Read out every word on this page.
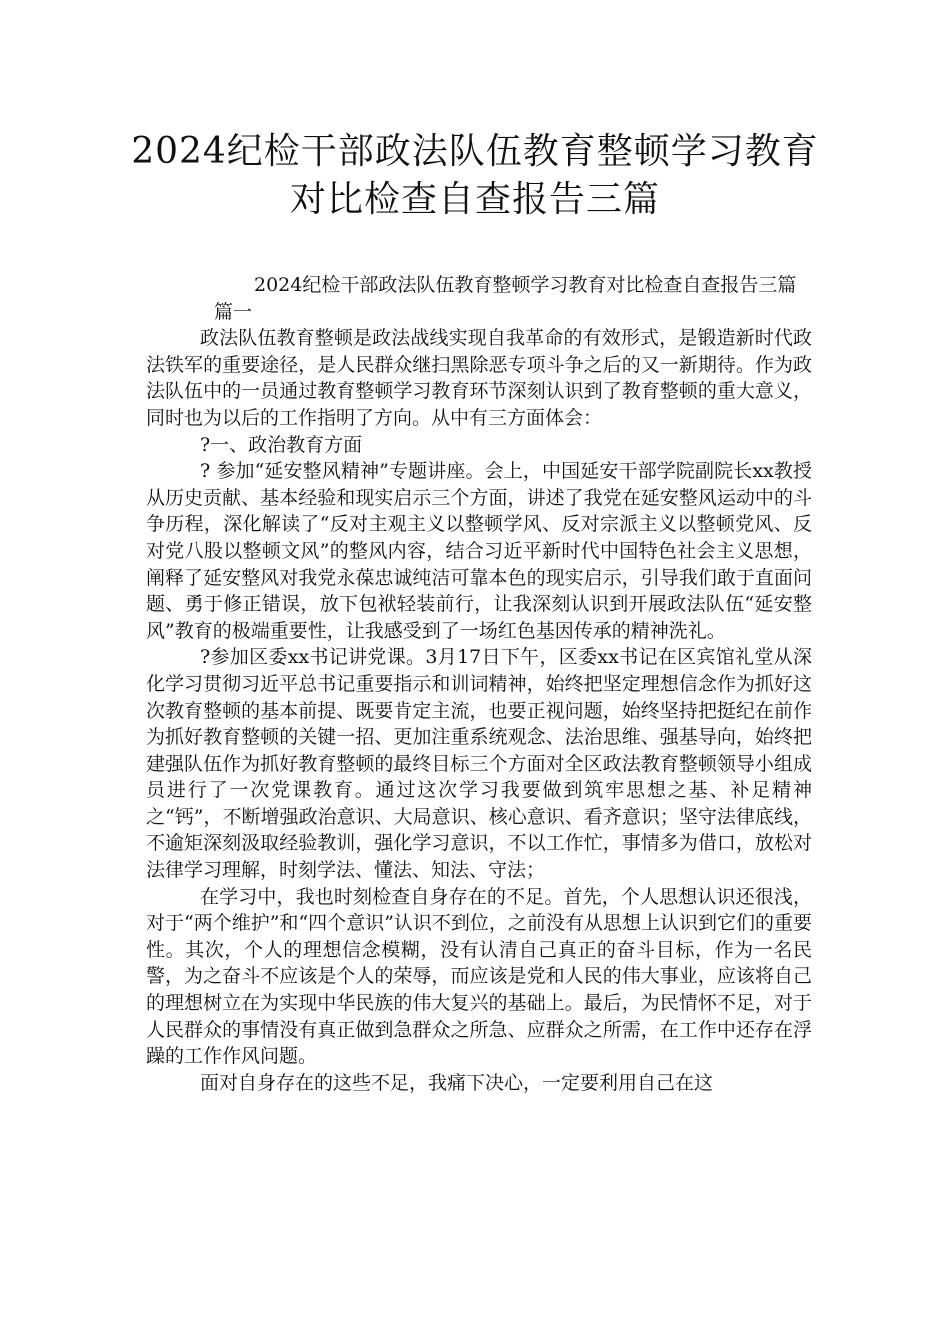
2024纪检干部政法队伍教育整顿学习教育
对比检查自查报告三篇

2024纪检干部政法队伍教育整顿学习教育对比检查自查报告三篇

篇一

政法队伍教育整顿是政法战线实现自我革命的有效形式，是锻造新时代政法铁军的重要途径，是人民群众继扫黑除恶专项斗争之后的又一新期待。作为政法队伍中的一员通过教育整顿学习教育环节深刻认识到了教育整顿的重大意义，同时也为以后的工作指明了方向。从中有三方面体会：

?一、政治教育方面

? 参加“延安整风精神”专题讲座。会上，中国延安干部学院副院长xx教授从历史贡献、基本经验和现实启示三个方面，讲述了我党在延安整风运动中的斗争历程，深化解读了“反对主观主义以整顿学风、反对宗派主义以整顿党风、反对党八股以整顿文风”的整风内容，结合习近平新时代中国特色社会主义思想，阐释了延安整风对我党永葆忠诚纯洁可靠本色的现实启示，引导我们敢于直面问题、勇于修正错误，放下包袱轻装前行，让我深刻认识到开展政法队伍“延安整风”教育的极端重要性，让我感受到了一场红色基因传承的精神洗礼。

?参加区委xx书记讲党课。3月17日下午，区委xx书记在区宾馆礼堂从深化学习贯彻习近平总书记重要指示和训词精神，始终把坚定理想信念作为抓好这次教育整顿的基本前提、既要肯定主流，也要正视问题，始终坚持把挺纪在前作为抓好教育整顿的关键一招、更加注重系统观念、法治思维、强基导向，始终把建强队伍作为抓好教育整顿的最终目标三个方面对全区政法教育整顿领导小组成员进行了一次党课教育。通过这次学习我要做到筑牢思想之基、补足精神之“钙”，不断增强政治意识、大局意识、核心意识、看齐意识；坚守法律底线，不逾矩深刻汲取经验教训，强化学习意识，不以工作忙，事情多为借口，放松对法律学习理解，时刻学法、懂法、知法、守法；

在学习中，我也时刻检查自身存在的不足。首先，个人思想认识还很浅，对于“两个维护”和“四个意识”认识不到位，之前没有从思想上认识到它们的重要性。其次，个人的理想信念模糊，没有认清自己真正的奋斗目标，作为一名民警，为之奋斗不应该是个人的荣辱，而应该是党和人民的伟大事业，应该将自己的理想树立在为实现中华民族的伟大复兴的基础上。最后，为民情怀不足，对于人民群众的事情没有真正做到急群众之所急、应群众之所需，在工作中还存在浮躁的工作作风问题。

面对自身存在的这些不足，我痛下决心，一定要利用自己在这
